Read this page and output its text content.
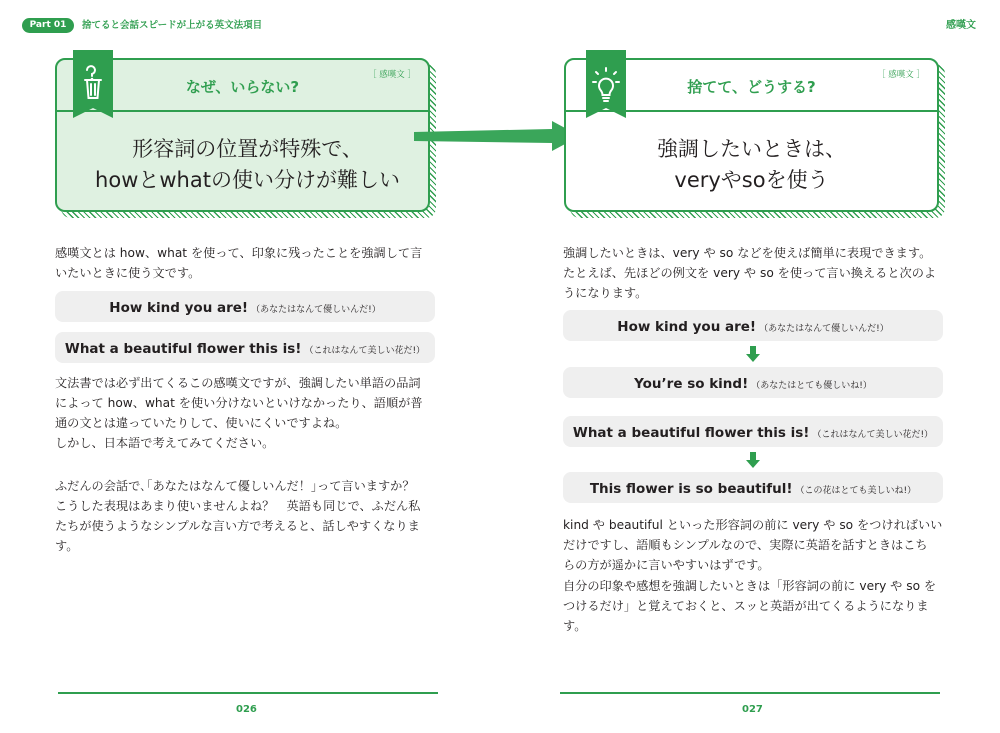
Part 01	捨てると会話スピードが上がる英文法項目	感嘆文
なぜ、いらない?
［ 感嘆文 ］
形容詞の位置が特殊で、
howとwhatの使い分けが難しい
捨てて、どうする?
［ 感嘆文 ］
強調したいときは、
veryやsoを使う
感嘆文とは how、what を使って、印象に残ったことを強調して言
いたいときに使う文です。
How kind you are! （あなたはなんて優しいんだ!）
What a beautiful flower this is! （これはなんて美しい花だ!）
文法書では必ず出てくるこの感嘆文ですが、強調したい単語の品詞
によって how、what を使い分けないといけなかったり、語順が普
通の文とは違っていたりして、使いにくいですよね。
しかし、日本語で考えてみてください。
ふだんの会話で､｢あなたはなんて優しいんだ！｣って言いますか？
こうした表現はあまり使いませんよね？　英語も同じで、ふだん私
たちが使うようなシンプルな言い方で考えると、話しやすくなりま
す。
強調したいときは、very や so などを使えば簡単に表現できます。
たとえば、先ほどの例文を very や so を使って言い換えると次のよ
うになります。
How kind you are! （あなたはなんて優しいんだ!）
You’re so kind! （あなたはとても優しいね!）
What a beautiful flower this is! （これはなんて美しい花だ!）
This flower is so beautiful! （この花はとても美しいね!）
kind や beautiful といった形容詞の前に very や so をつければいい
だけですし、語順もシンプルなので、実際に英語を話すときはこち
らの方が遥かに言いやすいはずです。
自分の印象や感想を強調したいときは「形容詞の前に very や so を
つけるだけ」と覚えておくと、スッと英語が出てくるようになりま
す。
026	027
